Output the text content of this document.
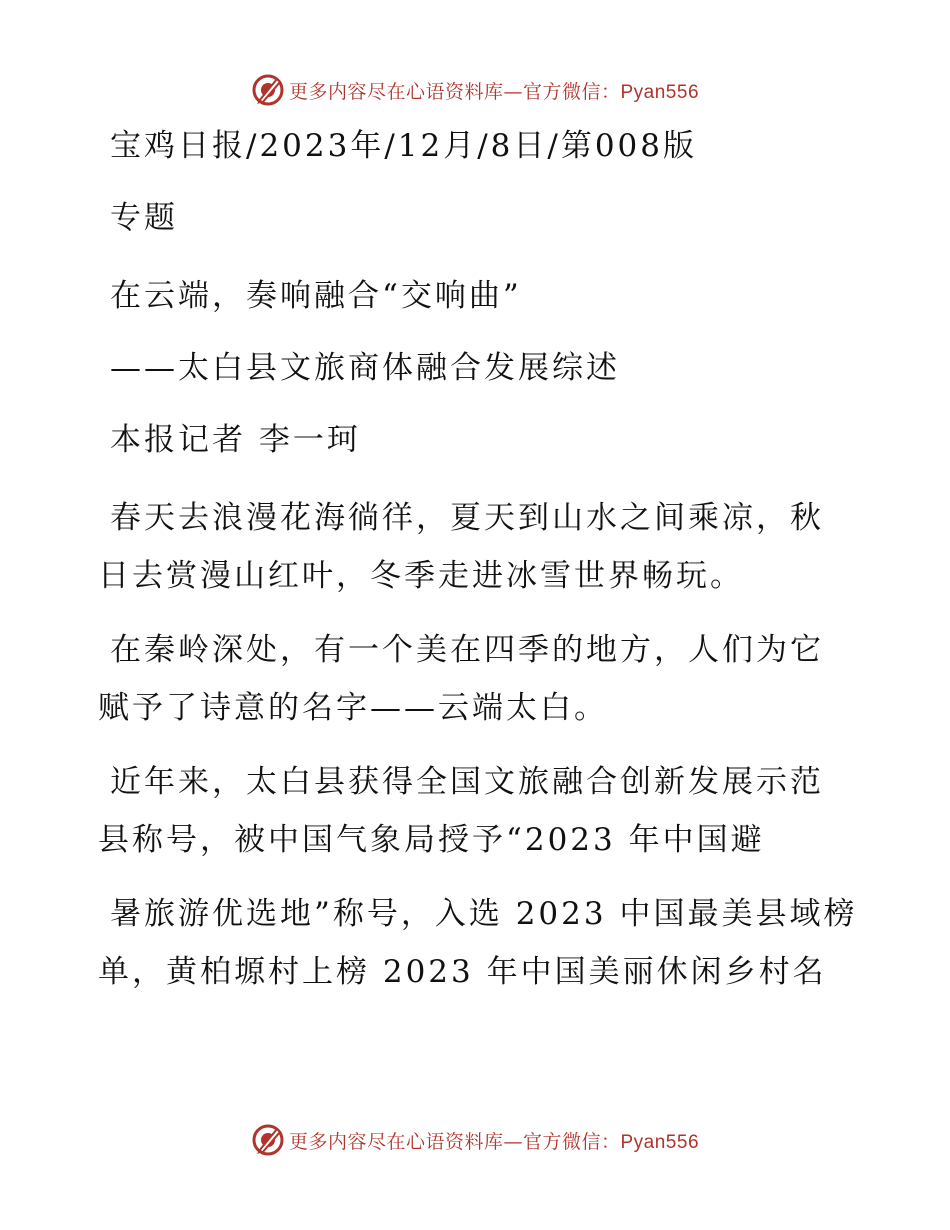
更多内容尽在心语资料库—官方微信：Pyan556
宝鸡日报/2023年/12月/8日/第008版
专题
在云端，奏响融合“交响曲”
——太白县文旅商体融合发展综述
本报记者 李一珂
春天去浪漫花海徜徉，夏天到山水之间乘凉，秋
日去赏漫山红叶，冬季走进冰雪世界畅玩。
在秦岭深处，有一个美在四季的地方，人们为它
赋予了诗意的名字——云端太白。
近年来，太白县获得全国文旅融合创新发展示范
县称号，被中国气象局授予“2023 年中国避
暑旅游优选地”称号，入选 2023 中国最美县域榜
单，黄柏塬村上榜 2023 年中国美丽休闲乡村名
更多内容尽在心语资料库—官方微信：Pyan556
